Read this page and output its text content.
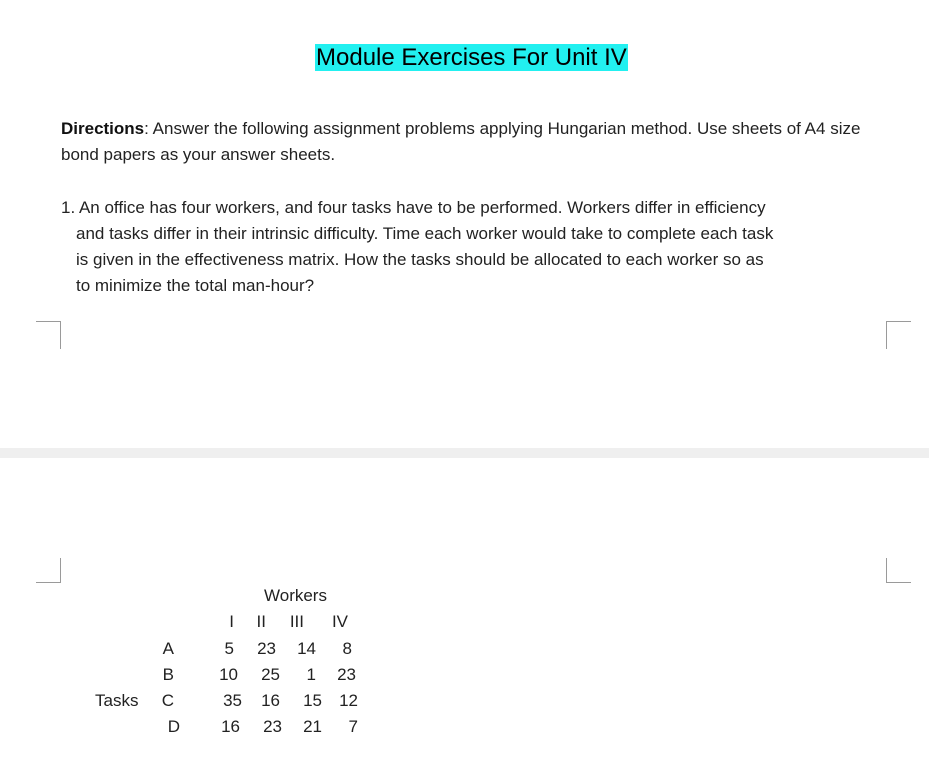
Module Exercises For Unit IV
Directions: Answer the following assignment problems applying Hungarian method. Use sheets of A4 size bond papers as your answer sheets.
1. An office has four workers, and four tasks have to be performed. Workers differ in efficiency
and tasks differ in their intrinsic difficulty. Time each worker would take to complete each task
is given in the effectiveness matrix. How the tasks should be allocated to each worker so as
to minimize the total man-hour?
Workers
I	II	III	IV
Tasks
A	5	23	14	8
B	10	25	1	23
C	35	16	15	12
D	16	23	21	7
